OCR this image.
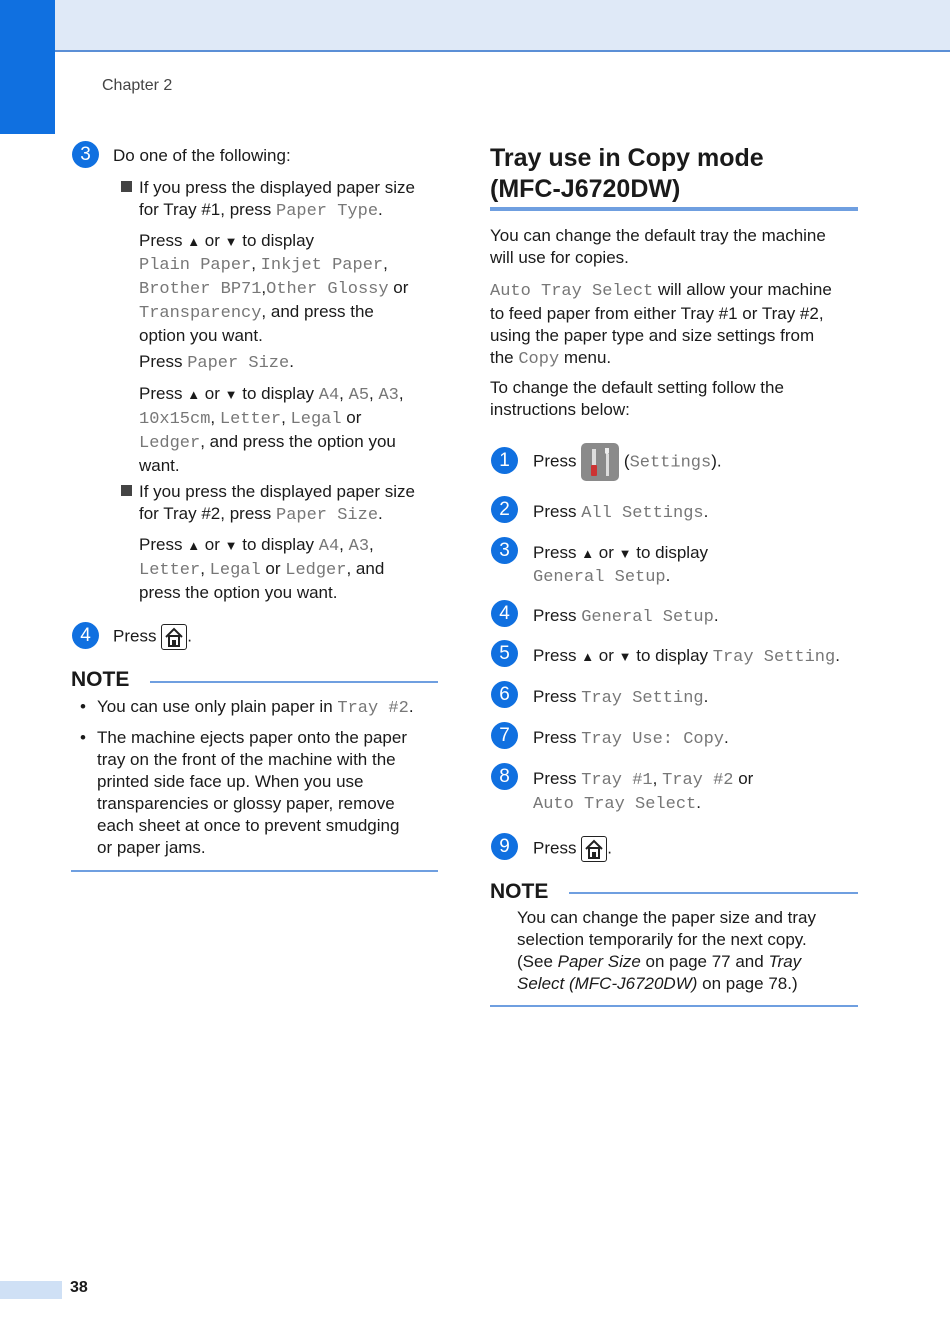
Chapter 2
3	Do one of the following:
If you press the displayed paper size
for Tray #1, press Paper Type.
Press ▲ or ▼ to display
Plain Paper, Inkjet Paper,
Brother BP71,Other Glossy or
Transparency, and press the
option you want.
Press Paper Size.
Press ▲ or ▼ to display A4, A5, A3,
10x15cm, Letter, Legal or
Ledger, and press the option you
want.
If you press the displayed paper size
for Tray #2, press Paper Size.
Press ▲ or ▼ to display A4, A3,
Letter, Legal or Ledger, and
press the option you want.
4	Press
.
NOTE
• You can use only plain paper in Tray #2.
• The machine ejects paper onto the paper
tray on the front of the machine with the
printed side face up. When you use
transparencies or glossy paper, remove
each sheet at once to prevent smudging
or paper jams.
Tray use in Copy mode
(MFC-J6720DW)
You can change the default tray the machine
will use for copies.
Auto Tray Select will allow your machine
to feed paper from either Tray #1 or Tray #2,
using the paper type and size settings from
the Copy menu.
To change the default setting follow the
instructions below:
1	Press  (Settings).
2	Press All Settings.
3	Press ▲ or ▼ to display
General Setup.
4	Press General Setup.
5	Press ▲ or ▼ to display Tray Setting.
6	Press Tray Setting.
7	Press Tray Use: Copy.
8	Press Tray #1, Tray #2 or
Auto Tray Select.
9	Press
.
NOTE
You can change the paper size and tray
selection temporarily for the next copy.
(See Paper Size on page 77 and Tray
Select (MFC-J6720DW) on page 78.)
38
